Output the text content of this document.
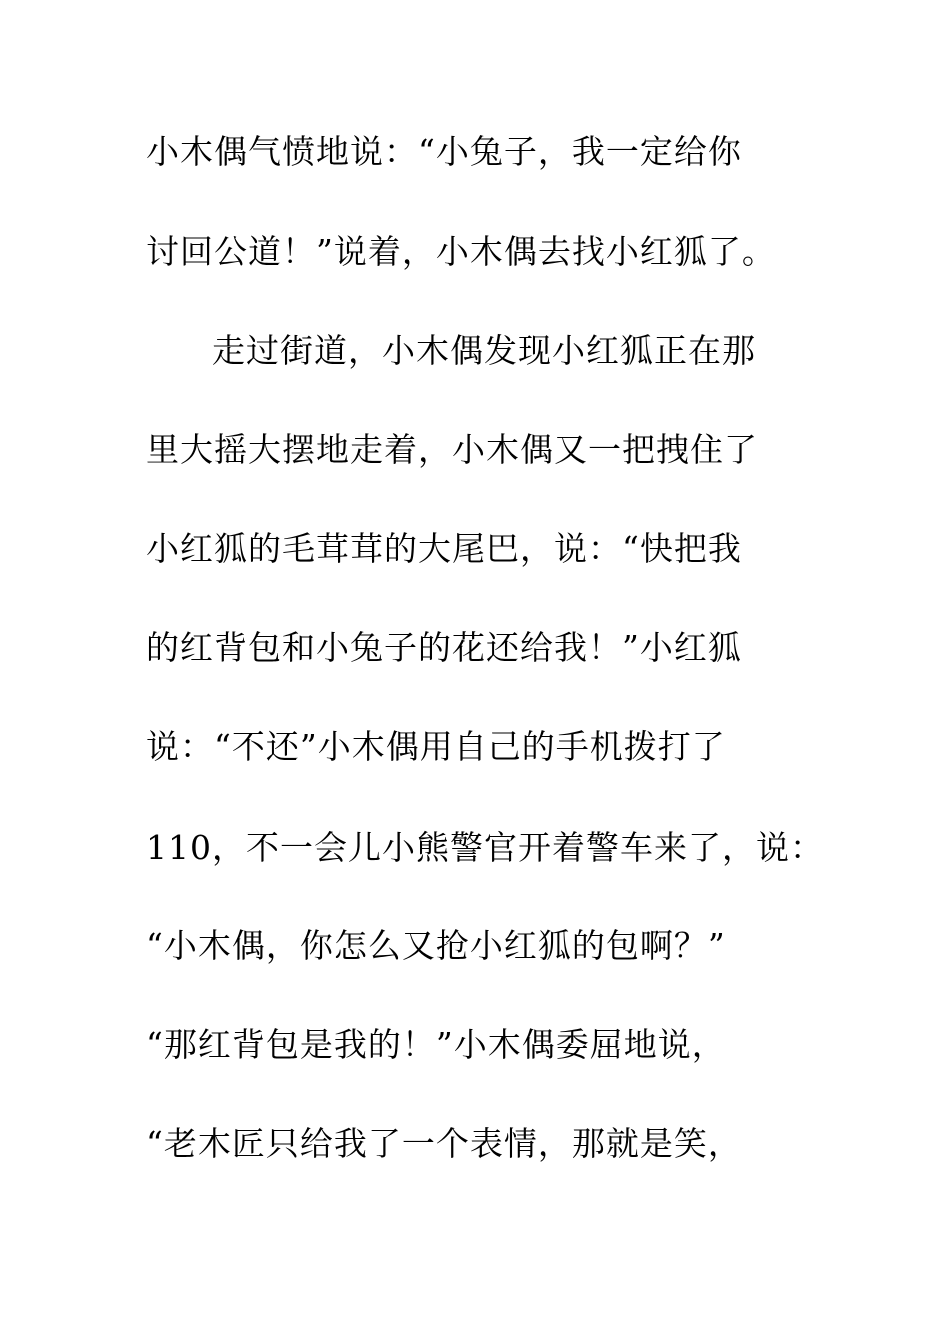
小木偶气愤地说：“小兔子，我一定给你
讨回公道！”说着，小木偶去找小红狐了。
走过街道，小木偶发现小红狐正在那
里大摇大摆地走着，小木偶又一把拽住了
小红狐的毛茸茸的大尾巴，说：“快把我
的红背包和小兔子的花还给我！”小红狐
说：“不还”小木偶用自己的手机拨打了
110，不一会儿小熊警官开着警车来了，说：
“小木偶，你怎么又抢小红狐的包啊？”
“那红背包是我的！”小木偶委屈地说，
“老木匠只给我了一个表情，那就是笑，
